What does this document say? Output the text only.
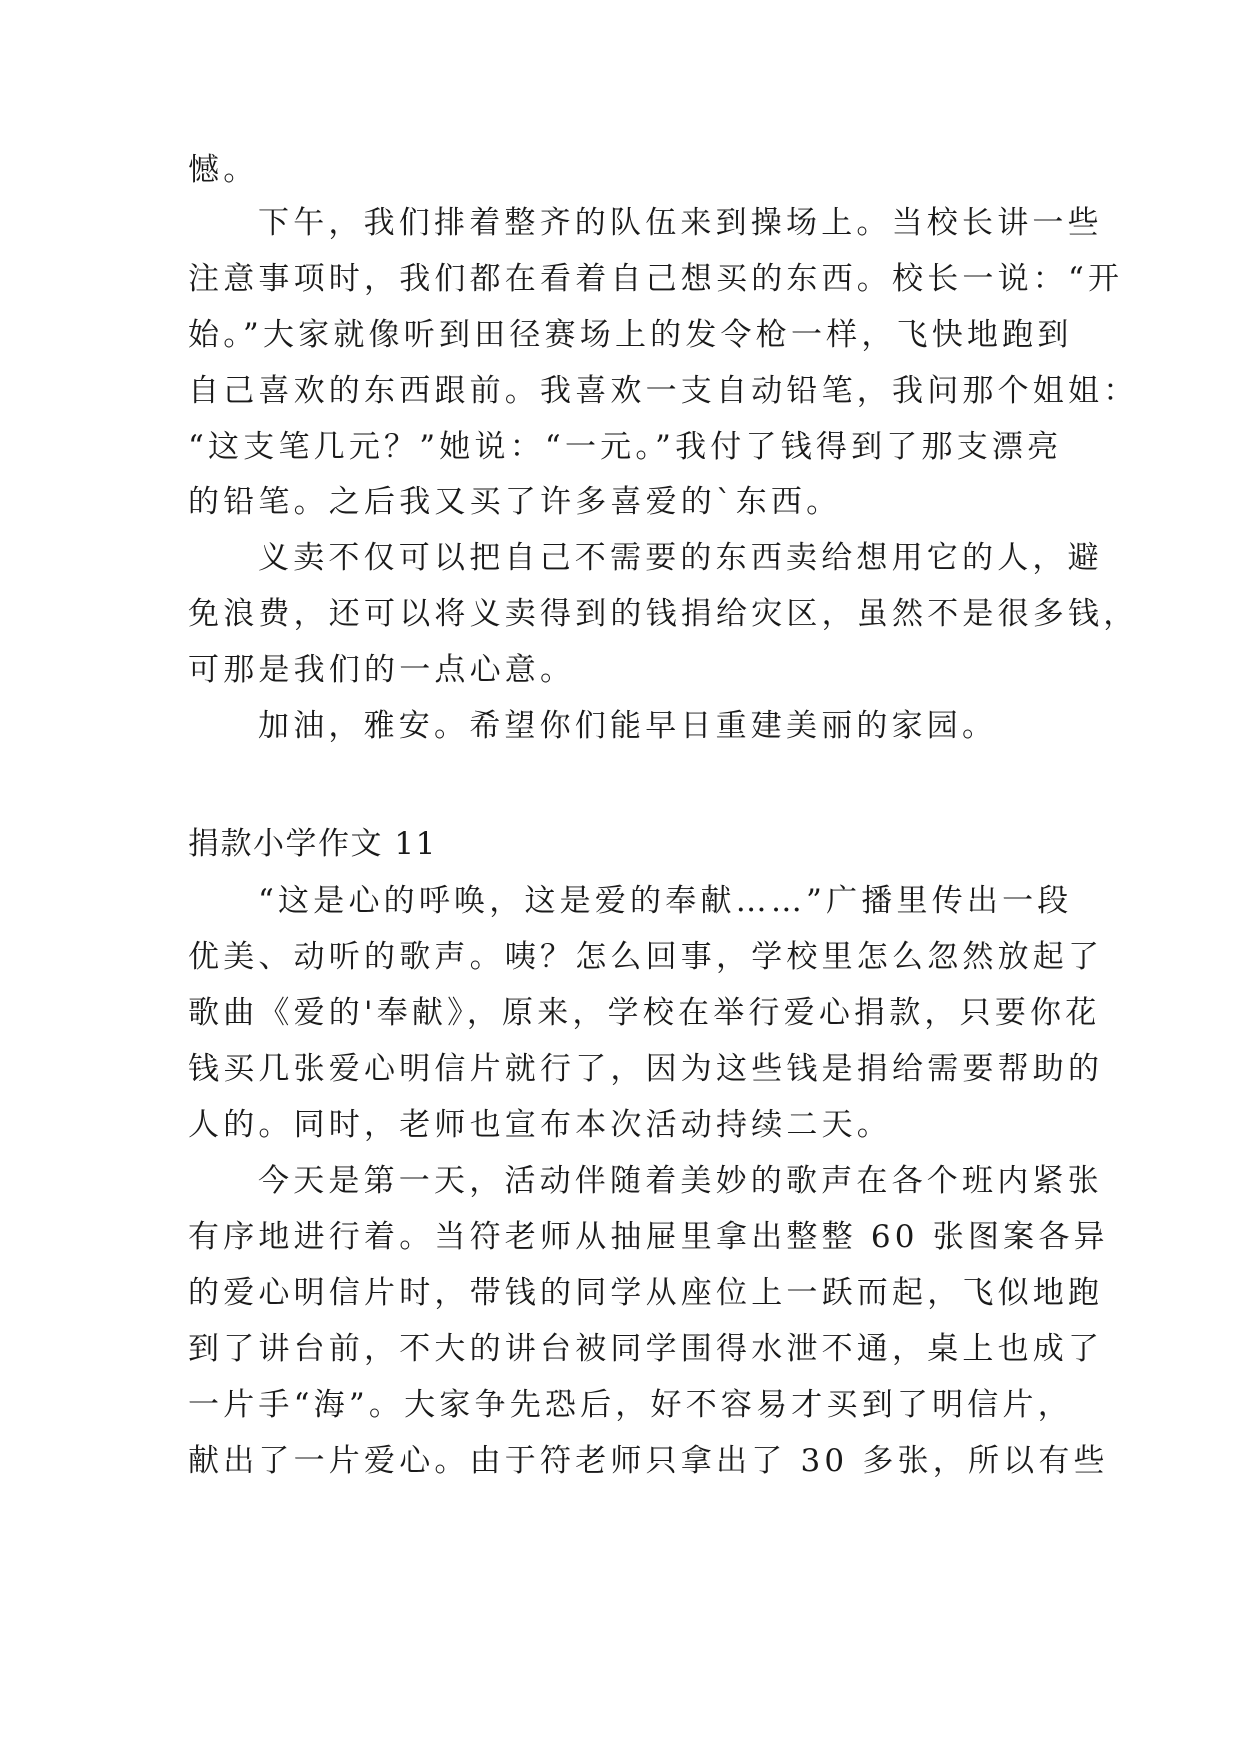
憾。
下午，我们排着整齐的队伍来到操场上。当校长讲一些
注意事项时，我们都在看着自己想买的东西。校长一说：“开
始。”大家就像听到田径赛场上的发令枪一样，飞快地跑到
自己喜欢的东西跟前。我喜欢一支自动铅笔，我问那个姐姐：
“这支笔几元？”她说：“一元。”我付了钱得到了那支漂亮
的铅笔。之后我又买了许多喜爱的`东西。
义卖不仅可以把自己不需要的东西卖给想用它的人，避
免浪费，还可以将义卖得到的钱捐给灾区，虽然不是很多钱，
可那是我们的一点心意。
加油，雅安。希望你们能早日重建美丽的家园。
捐款小学作文 11
“这是心的呼唤，这是爱的奉献……”广播里传出一段
优美、动听的歌声。咦？怎么回事，学校里怎么忽然放起了
歌曲《爱的'奉献》，原来，学校在举行爱心捐款，只要你花
钱买几张爱心明信片就行了，因为这些钱是捐给需要帮助的
人的。同时，老师也宣布本次活动持续二天。
今天是第一天，活动伴随着美妙的歌声在各个班内紧张
有序地进行着。当符老师从抽屉里拿出整整 60 张图案各异
的爱心明信片时，带钱的同学从座位上一跃而起，飞似地跑
到了讲台前，不大的讲台被同学围得水泄不通，桌上也成了
一片手“海”。大家争先恐后，好不容易才买到了明信片，
献出了一片爱心。由于符老师只拿出了 30 多张，所以有些
